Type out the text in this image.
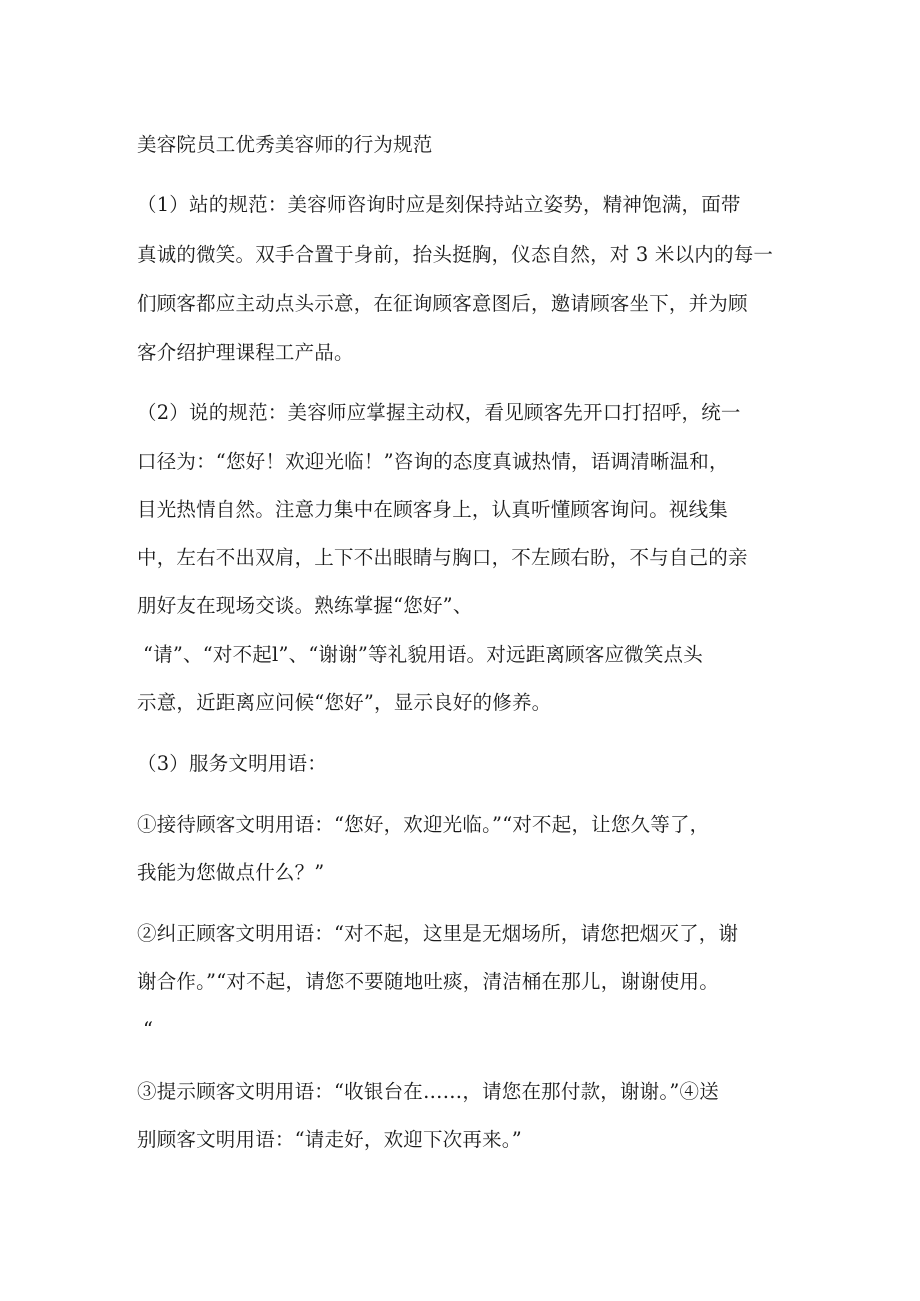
美容院员工优秀美容师的行为规范
（1）站的规范：美容师咨询时应是刻保持站立姿势，精神饱满，面带
真诚的微笑。双手合置于身前，抬头挺胸，仪态自然，对 3 米以内的每一
们顾客都应主动点头示意，在征询顾客意图后，邀请顾客坐下，并为顾
客介绍护理课程工产品。
（2）说的规范：美容师应掌握主动权，看见顾客先开口打招呼，统一
口径为：“您好！欢迎光临！”咨询的态度真诚热情，语调清晰温和，
目光热情自然。注意力集中在顾客身上，认真听懂顾客询问。视线集
中，左右不出双肩，上下不出眼睛与胸口，不左顾右盼，不与自己的亲
朋好友在现场交谈。熟练掌握“您好”、
“请”、“对不起l”、“谢谢”等礼貌用语。对远距离顾客应微笑点头
示意，近距离应问候“您好”，显示良好的修养。
（3）服务文明用语：
①接待顾客文明用语：“您好，欢迎光临。”“对不起，让您久等了，
我能为您做点什么？”
②纠正顾客文明用语：“对不起，这里是无烟场所，请您把烟灭了，谢
谢合作。”“对不起，请您不要随地吐痰，清洁桶在那儿，谢谢使用。
“
③提示顾客文明用语：“收银台在……，请您在那付款，谢谢。”④送
别顾客文明用语：“请走好，欢迎下次再来。”
